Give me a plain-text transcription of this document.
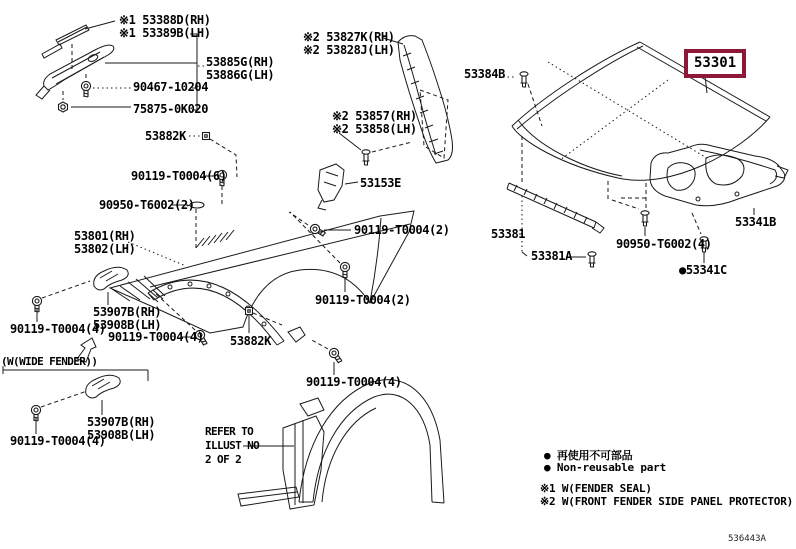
※1 53388D(RH)
※1 53389B(LH)
53885G(RH)
53886G(LH)
90467-10204
75875-0K020
53882K
90119-T0004(6)
90950-T6002(2)
53801(RH)
53802(LH)
※2 53827K(RH)
※2 53828J(LH)
※2 53857(RH)
※2 53858(LH)
53153E
90119-T0004(2)
90119-T0004(2)
53907B(RH)
53908B(LH)
90119-T0004(4)
90119-T0004(4)
(W(WIDE FENDER))
53907B(RH)
53908B(LH)
90119-T0004(4)
53882K
90119-T0004(4)
REFER TO
ILLUST NO
2 OF 2
53384B
53301
53341B
53381
53381A
90950-T6002(4)
●53341C
● 再使用不可部品
● Non-reusable part
※1 W(FENDER SEAL)
※2 W(FRONT FENDER SIDE PANEL PROTECTOR)
536443A
